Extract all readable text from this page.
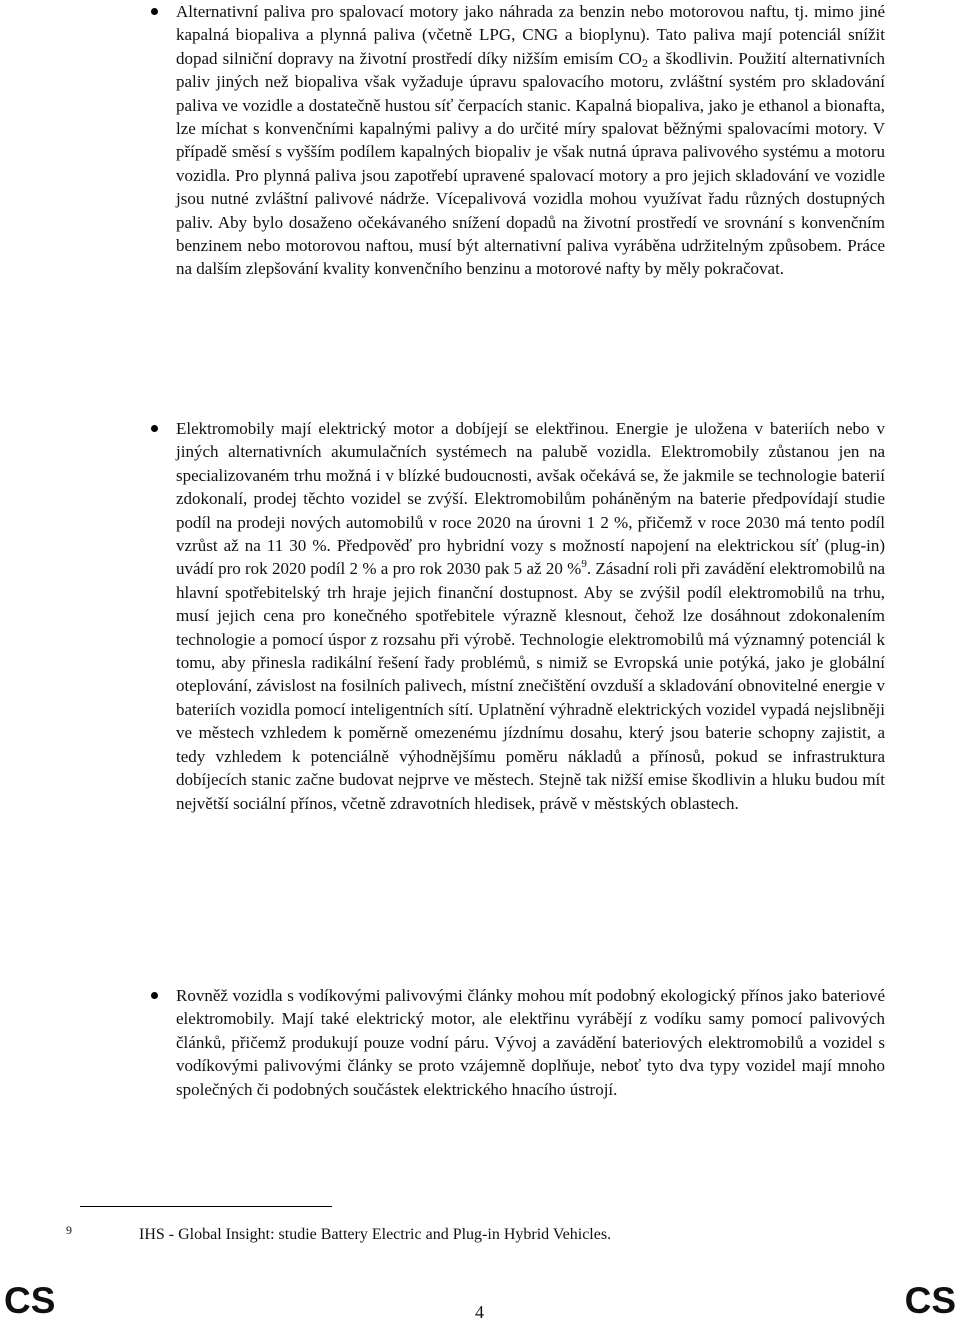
Alternativní paliva pro spalovací motory jako náhrada za benzin nebo motorovou naftu, tj. mimo jiné kapalná biopaliva a plynná paliva (včetně LPG, CNG a bioplynu). Tato paliva mají potenciál snížit dopad silniční dopravy na životní prostředí díky nižším emisím $CO_2$ a škodlivin. Použití alternativních paliv jiných než biopaliva však vyžaduje úpravu spalovacího motoru, zvláštní systém pro skladování paliva ve vozidle a dostatečně hustou síť čerpacích stanic. Kapalná biopaliva, jako je ethanol a bionafta, lze míchat s konvenčními kapalnými palivy a do určité míry spalovat běžnými spalovacími motory. V případě směsí s vyšším podílem kapalných biopaliv je však nutná úprava palivového systému a motoru vozidla. Pro plynná paliva jsou zapotřebí upravené spalovací motory a pro jejich skladování ve vozidle jsou nutné zvláštní palivové nádrže. Vícepalivová vozidla mohou využívat řadu různých dostupných paliv. Aby bylo dosaženo očekávaného snížení dopadů na životní prostředí ve srovnání s konvenčním benzinem nebo motorovou naftou, musí být alternativní paliva vyráběna udržitelným způsobem. Práce na dalším zlepšování kvality konvenčního benzinu a motorové nafty by měly pokračovat.

Elektromobily mají elektrický motor a dobíjejí se elektřinou. Energie je uložena v bateriích nebo v jiných alternativních akumulačních systémech na palubě vozidla. Elektromobily zůstanou jen na specializovaném trhu možná i v blízké budoucnosti, avšak očekává se, že jakmile se technologie baterií zdokonalí, prodej těchto vozidel se zvýší. Elektromobilům poháněným na baterie předpovídají studie podíl na prodeji nových automobilů v roce 2020 na úrovni 1 2 %, přičemž v roce 2030 má tento podíl vzrůst až na 11 30 %. Předpověď pro hybridní vozy s možností napojení na elektrickou síť (plug-in) uvádí pro rok 2020 podíl 2 % a pro rok 2030 pak 5 až 20 %$^9$. Zásadní roli při zavádění elektromobilů na hlavní spotřebitelský trh hraje jejich finanční dostupnost. Aby se zvýšil podíl elektromobilů na trhu, musí jejich cena pro konečného spotřebitele výrazně klesnout, čehož lze dosáhnout zdokonalením technologie a pomocí úspor z rozsahu při výrobě. Technologie elektromobilů má významný potenciál k tomu, aby přinesla radikální řešení řady problémů, s nimiž se Evropská unie potýká, jako je globální oteplování, závislost na fosilních palivech, místní znečištění ovzduší a skladování obnovitelné energie v bateriích vozidla pomocí inteligentních sítí. Uplatnění výhradně elektrických vozidel vypadá nejslibněji ve městech vzhledem k poměrně omezenému jízdnímu dosahu, který jsou baterie schopny zajistit, a tedy vzhledem k potenciálně výhodnějšímu poměru nákladů a přínosů, pokud se infrastruktura dobíjecích stanic začne budovat nejprve ve městech. Stejně tak nižší emise škodlivin a hluku budou mít největší sociální přínos, včetně zdravotních hledisek, právě v městských oblastech.

Rovněž vozidla s vodíkovými palivovými články mohou mít podobný ekologický přínos jako bateriové elektromobily. Mají také elektrický motor, ale elektřinu vyrábějí z vodíku samy pomocí palivových článků, přičemž produkují pouze vodní páru. Vývoj a zavádění bateriových elektromobilů a vozidel s vodíkovými palivovými články se proto vzájemně doplňuje, neboť tyto dva typy vozidel mají mnoho společných či podobných součástek elektrického hnacího ústrojí.

9	IHS - Global Insight: studie Battery Electric and Plug-in Hybrid Vehicles.
CS	4	CS
